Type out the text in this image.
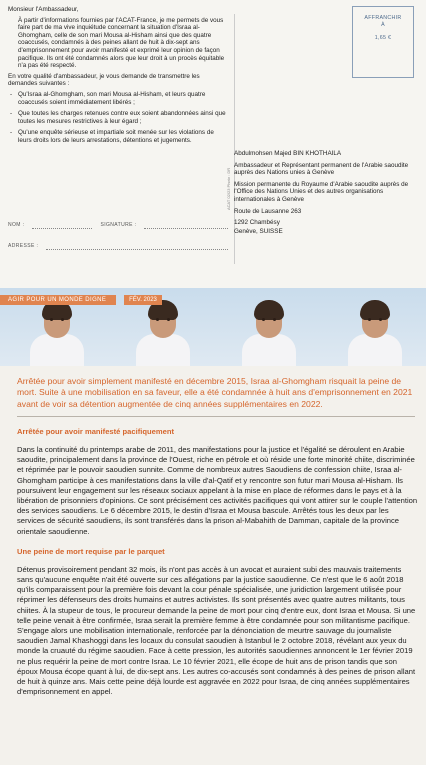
Monsieur l'Ambassadeur,

À partir d'informations fournies par l'ACAT-France, je me permets de vous faire part de ma vive inquiétude concernant la situation d'Israa al-Ghomgham, celle de son mari Mousa al-Hisham ainsi que des quatre coaccusés, condamnés à des peines allant de huit à dix-sept ans d'emprisonnement pour avoir manifesté et exprimé leur opinion de façon pacifique. Ils ont été condamnés alors que leur droit à un procès équitable n'a pas été respecté.

En votre qualité d'ambassadeur, je vous demande de transmettre les demandes suivantes :

- Qu'Israa al-Ghomgham, son mari Mousa al-Hisham, et leurs quatre coaccusés soient immédiatement libérés ;
- Que toutes les charges retenues contre eux soient abandonnées ainsi que toutes les mesures restrictives à leur égard ;
- Qu'une enquête sérieuse et impartiale soit menée sur les violations de leurs droits lors de leurs arrestations, détentions et jugements.
NOM :	SIGNATURE :
ADRESSE :
ACAT 02/23 Photo : DR
AFFRANCHIR
À
1,65 €
Abdulmohsen Majed BIN KHOTHAILA
Ambassadeur et Représentant permanent de l'Arabie saoudite auprès des Nations unies à Genève
Mission permanente du Royaume d'Arabie saoudite auprès de l'Office des Nations Unies et des autres organisations internationales à Genève
Route de Lausanne 263
1292 Chambésy
Genève, SUISSE
AGIR POUR UN MONDE DIGNE	FÉV. 2023

Arrêtée pour avoir simplement manifesté en décembre 2015, Israa al-Ghomgham risquait la peine de mort. Suite à une mobilisation en sa faveur, elle a été condamnée à huit ans d'emprisonnement en 2021 avant de voir sa détention augmentée de cinq années supplémentaires en 2022.

Arrêtée pour avoir manifesté pacifiquement

Dans la continuité du printemps arabe de 2011, des manifestations pour la justice et l'égalité se déroulent en Arabie saoudite, principalement dans la province de l'Ouest, riche en pétrole et où réside une forte minorité chiite, discriminée et réprimée par le pouvoir saoudien sunnite. Comme de nombreux autres Saoudiens de confession chiite, Israa al-Ghomgham participe à ces manifestations dans la ville d'al-Qatif et y rencontre son futur mari Mousa al-Hisham. Ils poursuivent leur engagement sur les réseaux sociaux appelant à la mise en place de réformes dans le pays et à la libération de prisonniers d'opinions. Ce sont précisément ces activités pacifiques qui vont attirer sur le couple l'attention des services saoudiens. Le 6 décembre 2015, le destin d'Israa et Mousa bascule. Arrêtés tous les deux par les services de sécurité saoudiens, ils sont transférés dans la prison al-Mabahith de Damman, capitale de la province orientale saoudienne.

Une peine de mort requise par le parquet

Détenus provisoirement pendant 32 mois, ils n'ont pas accès à un avocat et auraient subi des mauvais traitements sans qu'aucune enquête n'ait été ouverte sur ces allégations par la justice saoudienne. Ce n'est que le 6 août 2018 qu'ils comparaissent pour la première fois devant la cour pénale spécialisée, une juridiction largement utilisée pour réprimer les défenseurs des droits humains et autres activistes. Ils sont présentés avec quatre autres militants, tous chiites. À la stupeur de tous, le procureur demande la peine de mort pour cinq d'entre eux, dont Israa et Mousa. Si une telle peine venait à être confirmée, Israa serait la première femme à être condamnée pour son militantisme pacifique. S'engage alors une mobilisation internationale, renforcée par la dénonciation de meurtre sauvage du journaliste saoudien Jamal Khashoggi dans les locaux du consulat saoudien à Istanbul le 2 octobre 2018, révélant aux yeux du monde la cruauté du régime saoudien. Face à cette pression, les autorités saoudiennes annoncent le 1er février 2019 ne plus requérir la peine de mort contre Israa. Le 10 février 2021, elle écope de huit ans de prison tandis que son époux Mousa écope quant à lui, de dix-sept ans. Les autres co-accusés sont condamnés à des peines de prison allant de huit à quinze ans. Mais cette peine déjà lourde est aggravée en 2022 pour Israa, de cinq années supplémentaires d'emprisonnement en appel.
